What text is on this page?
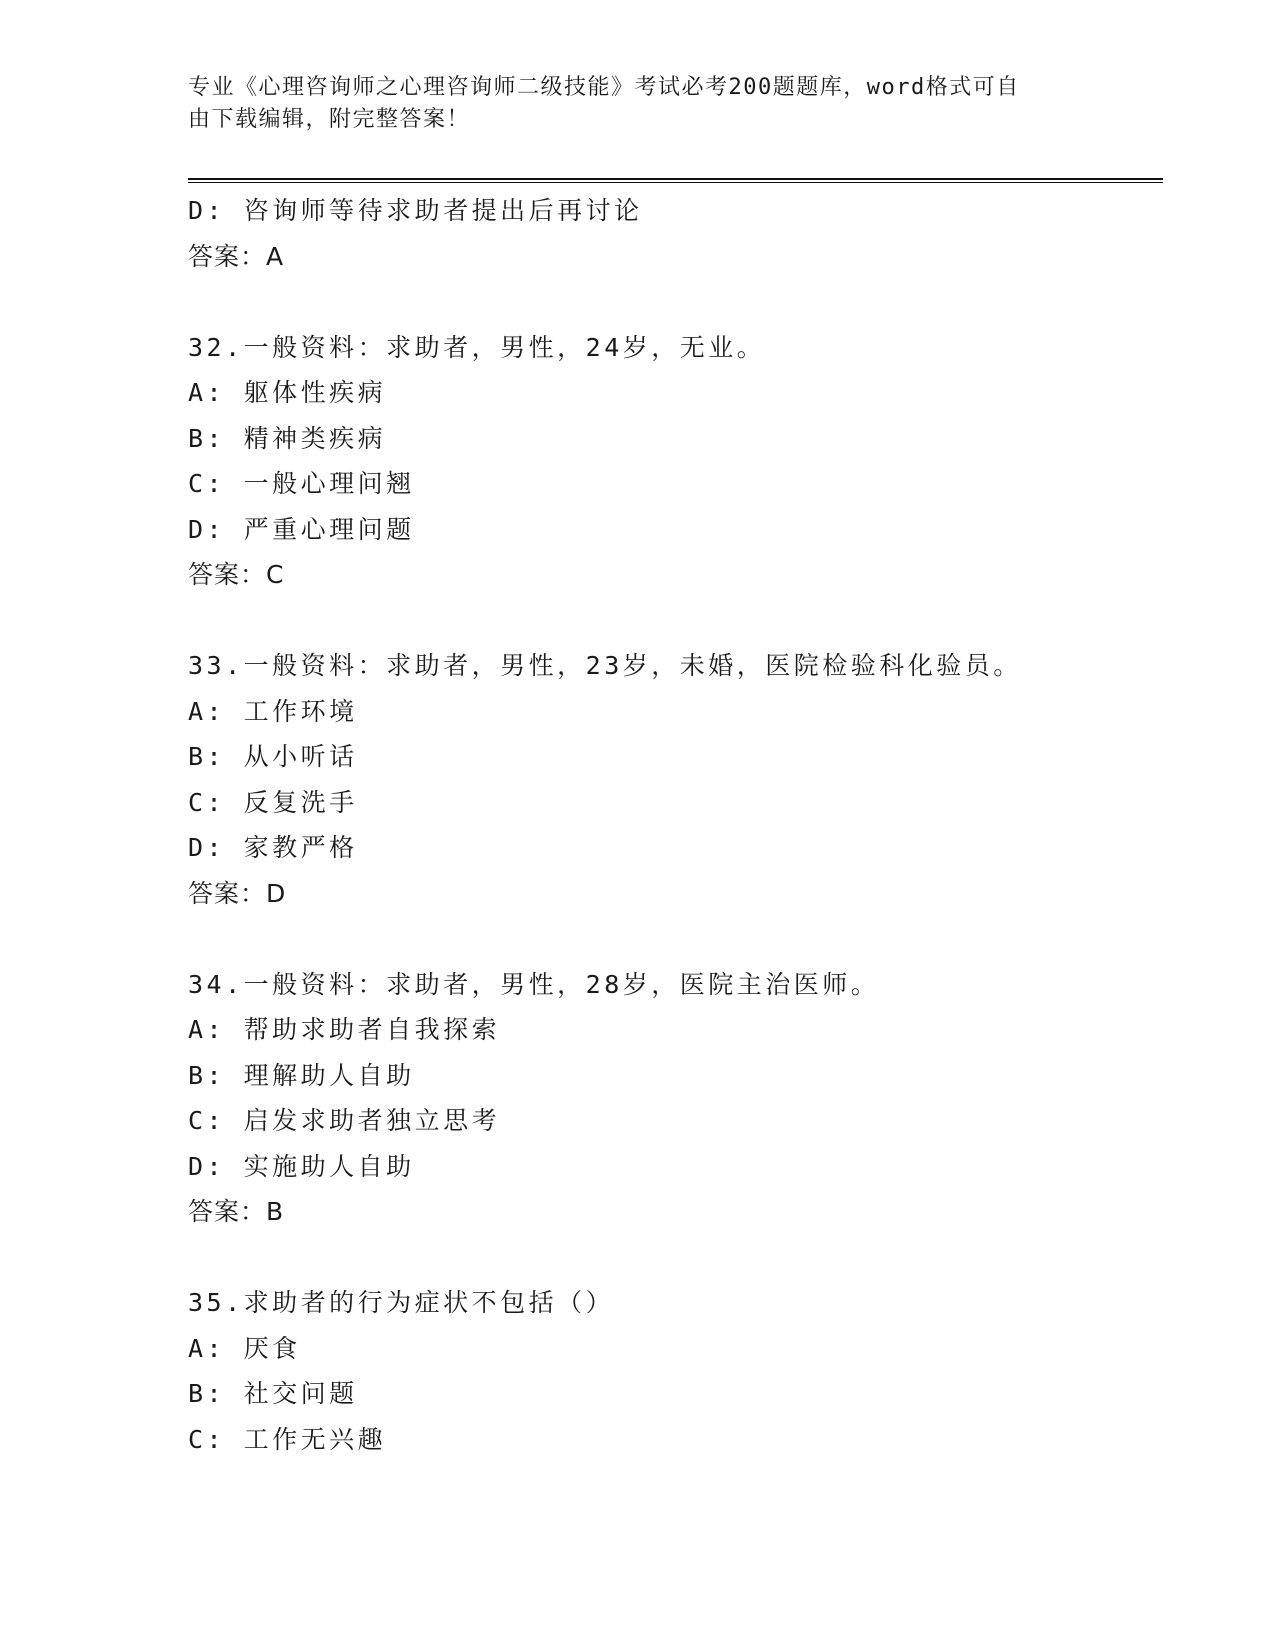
专业《心理咨询师之心理咨询师二级技能》考试必考200题题库，word格式可自
由下载编辑，附完整答案！
D: 咨询师等待求助者提出后再讨论
答案：A
32.一般资料：求助者，男性，24岁，无业。
A: 躯体性疾病
B: 精神类疾病
C: 一般心理问翘
D: 严重心理问题
答案：C
33.一般资料：求助者，男性，23岁，未婚，医院检验科化验员。
A: 工作环境
B: 从小听话
C: 反复洗手
D: 家教严格
答案：D
34.一般资料：求助者，男性，28岁，医院主治医师。
A: 帮助求助者自我探索
B: 理解助人自助
C: 启发求助者独立思考
D: 实施助人自助
答案：B
35.求助者的行为症状不包括（）
A: 厌食
B: 社交问题
C: 工作无兴趣
